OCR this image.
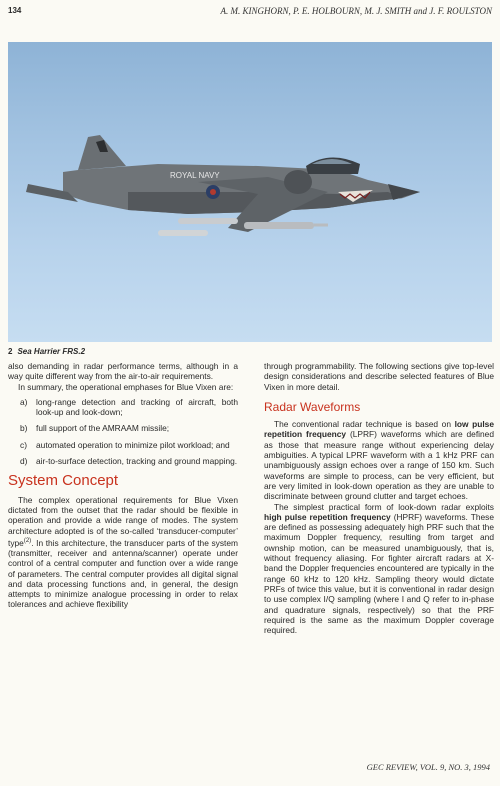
134	A. M. KINGHORN, P. E. HOLBOURN, M. J. SMITH and J. F. ROULSTON
ROYAL NAVY
2 Sea Harrier FRS.2

also demanding in radar performance terms, although in a way quite different way from the air-to-air requirements.

In summary, the operational emphases for Blue Vixen are:

a) long-range detection and tracking of aircraft, both look-up and look-down;
b) full support of the AMRAAM missile;
c) automated operation to minimize pilot workload; and
d) air-to-surface detection, tracking and ground mapping.
System Concept

The complex operational requirements for Blue Vixen dictated from the outset that the radar should be flexible in operation and provide a wide range of modes. The system architecture adopted is of the so-called ‘transducer-computer’ type$^{(2)}$. In this architecture, the transducer parts of the system (transmitter, receiver and antenna/scanner) operate under control of a central computer and function over a wide range of parameters. The central computer provides all digital signal and data processing functions and, in general, the design attempts to minimize analogue processing in order to relax tolerances and achieve flexibility

through programmability. The following sections give top-level design considerations and describe selected features of Blue Vixen in more detail.

Radar Waveforms

The conventional radar technique is based on low pulse repetition frequency (LPRF) waveforms which are defined as those that measure range without experiencing delay ambiguities. A typical LPRF waveform with a 1 kHz PRF can unambiguously assign echoes over a range of 150 km. Such waveforms are simple to process, can be very efficient, but are very limited in look-down operation as they are unable to discriminate between ground clutter and target echoes.

The simplest practical form of look-down radar exploits high pulse repetition frequency (HPRF) waveforms. These are defined as possessing adequately high PRF such that the maximum Doppler frequency, resulting from target and ownship motion, can be measured unambiguously, that is, without frequency aliasing. For fighter aircraft radars at X-band the Doppler frequencies encountered are typically in the range 60 kHz to 120 kHz. Sampling theory would dictate PRFs of twice this value, but it is conventional in radar design to use complex I/Q sampling (where I and Q refer to in-phase and quadrature signals, respectively) so that the PRF required is the same as the maximum Doppler coverage required.

GEC REVIEW, VOL. 9, NO. 3, 1994
